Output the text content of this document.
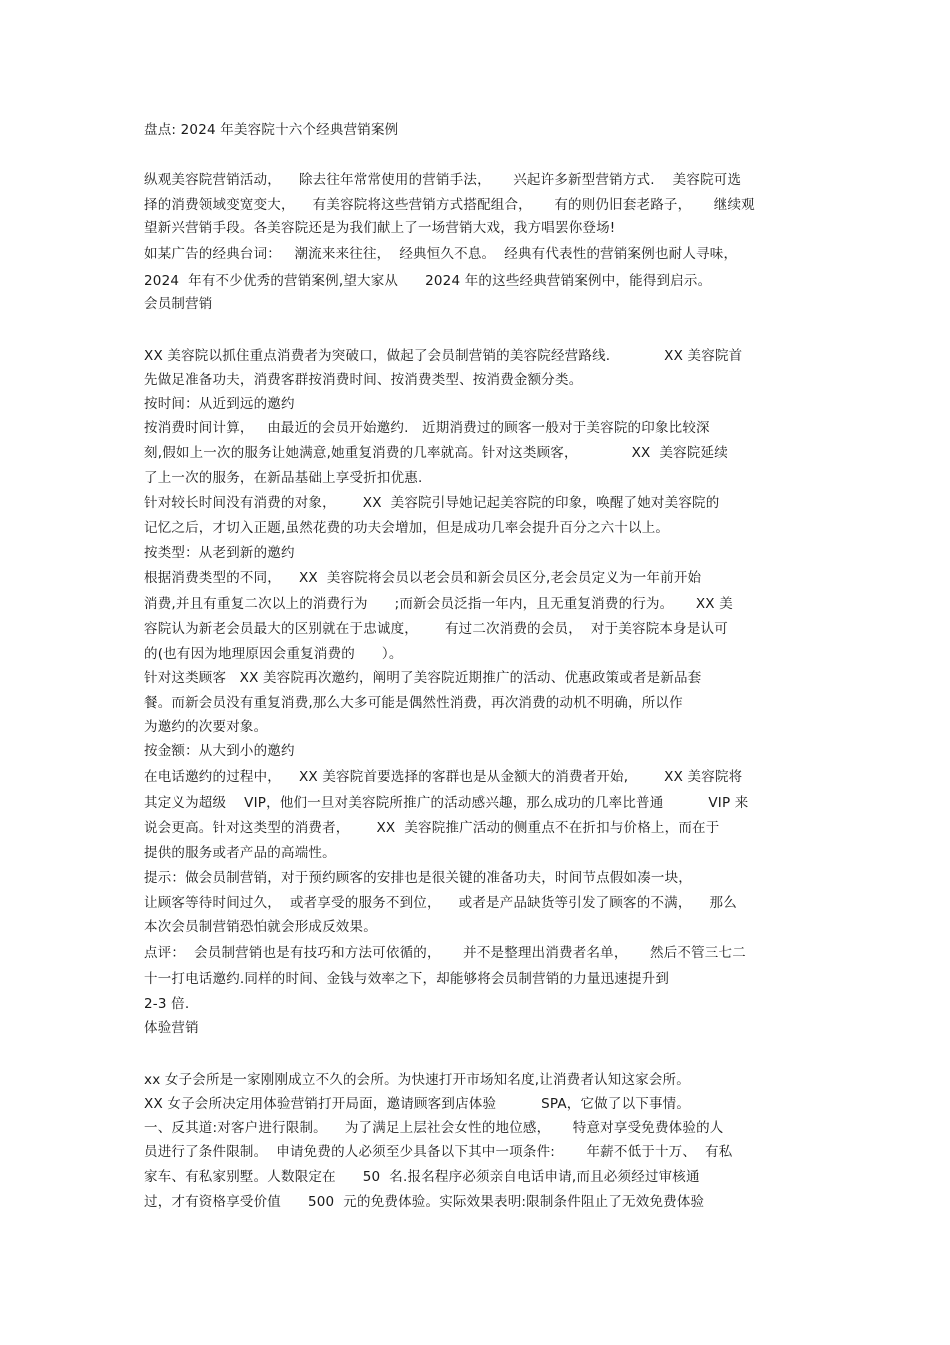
盘点: 2024 年美容院十六个经典营销案例

纵观美容院营销活动，    除去往年常常使用的营销手法，     兴起许多新型营销方式.    美容院可选

择的消费领域变宽变大，    有美容院将这些营销方式搭配组合，     有的则仍旧套老路子，     继续观

望新兴营销手段。各美容院还是为我们献上了一场营销大戏，我方唱罢你登场!

如某广告的经典台词：   潮流来来往往，  经典恒久不息。  经典有代表性的营销案例也耐人寻味，

2024  年有不少优秀的营销案例,望大家从      2024 年的这些经典营销案例中，能得到启示。

会员制营销

XX 美容院以抓住重点消费者为突破口，做起了会员制营销的美容院经营路线.            XX 美容院首

先做足准备功夫，消费客群按消费时间、按消费类型、按消费金额分类。

按时间：从近到远的邀约

按消费时间计算，   由最近的会员开始邀约.   近期消费过的顾客一般对于美容院的印象比较深

刻,假如上一次的服务让她满意,她重复消费的几率就高。针对这类顾客，            XX  美容院延续

了上一次的服务，在新品基础上享受折扣优惠.

针对较长时间没有消费的对象，      XX  美容院引导她记起美容院的印象，唤醒了她对美容院的

记忆之后，才切入正题,虽然花费的功夫会增加，但是成功几率会提升百分之六十以上。

按类型：从老到新的邀约

根据消费类型的不同，    XX  美容院将会员以老会员和新会员区分,老会员定义为一年前开始

消费,并且有重复二次以上的消费行为      ;而新会员泛指一年内，且无重复消费的行为。     XX 美

容院认为新老会员最大的区别就在于忠诚度，      有过二次消费的会员，  对于美容院本身是认可

的(也有因为地理原因会重复消费的      ）。

针对这类顾客   XX 美容院再次邀约，阐明了美容院近期推广的活动、优惠政策或者是新品套

餐。而新会员没有重复消费,那么大多可能是偶然性消费，再次消费的动机不明确，所以作

为邀约的次要对象。

按金额：从大到小的邀约

在电话邀约的过程中，    XX 美容院首要选择的客群也是从金额大的消费者开始,        XX 美容院将

其定义为超级    VIP，他们一旦对美容院所推广的活动感兴趣，那么成功的几率比普通          VIP 来

说会更高。针对这类型的消费者，      XX  美容院推广活动的侧重点不在折扣与价格上，而在于

提供的服务或者产品的高端性。

提示：做会员制营销，对于预约顾客的安排也是很关键的准备功夫，时间节点假如凑一块，

让顾客等待时间过久，  或者享受的服务不到位，    或者是产品缺货等引发了顾客的不满，    那么

本次会员制营销恐怕就会形成反效果。

点评：  会员制营销也是有技巧和方法可依循的，     并不是整理出消费者名单，     然后不管三七二

十一打电话邀约.同样的时间、金钱与效率之下，却能够将会员制营销的力量迅速提升到

2-3 倍.

体验营销

xx 女子会所是一家刚刚成立不久的会所。为快速打开市场知名度,让消费者认知这家会所。

XX 女子会所决定用体验营销打开局面，邀请顾客到店体验          SPA，它做了以下事情。

一、反其道:对客户进行限制。    为了满足上层社会女性的地位感，     特意对享受免费体验的人

员进行了条件限制。  申请免费的人必须至少具备以下其中一项条件:       年薪不低于十万、  有私

家车、有私家别墅。人数限定在      50  名.报名程序必须亲自电话申请,而且必须经过审核通

过，才有资格享受价值      500  元的免费体验。实际效果表明:限制条件阻止了无效免费体验
